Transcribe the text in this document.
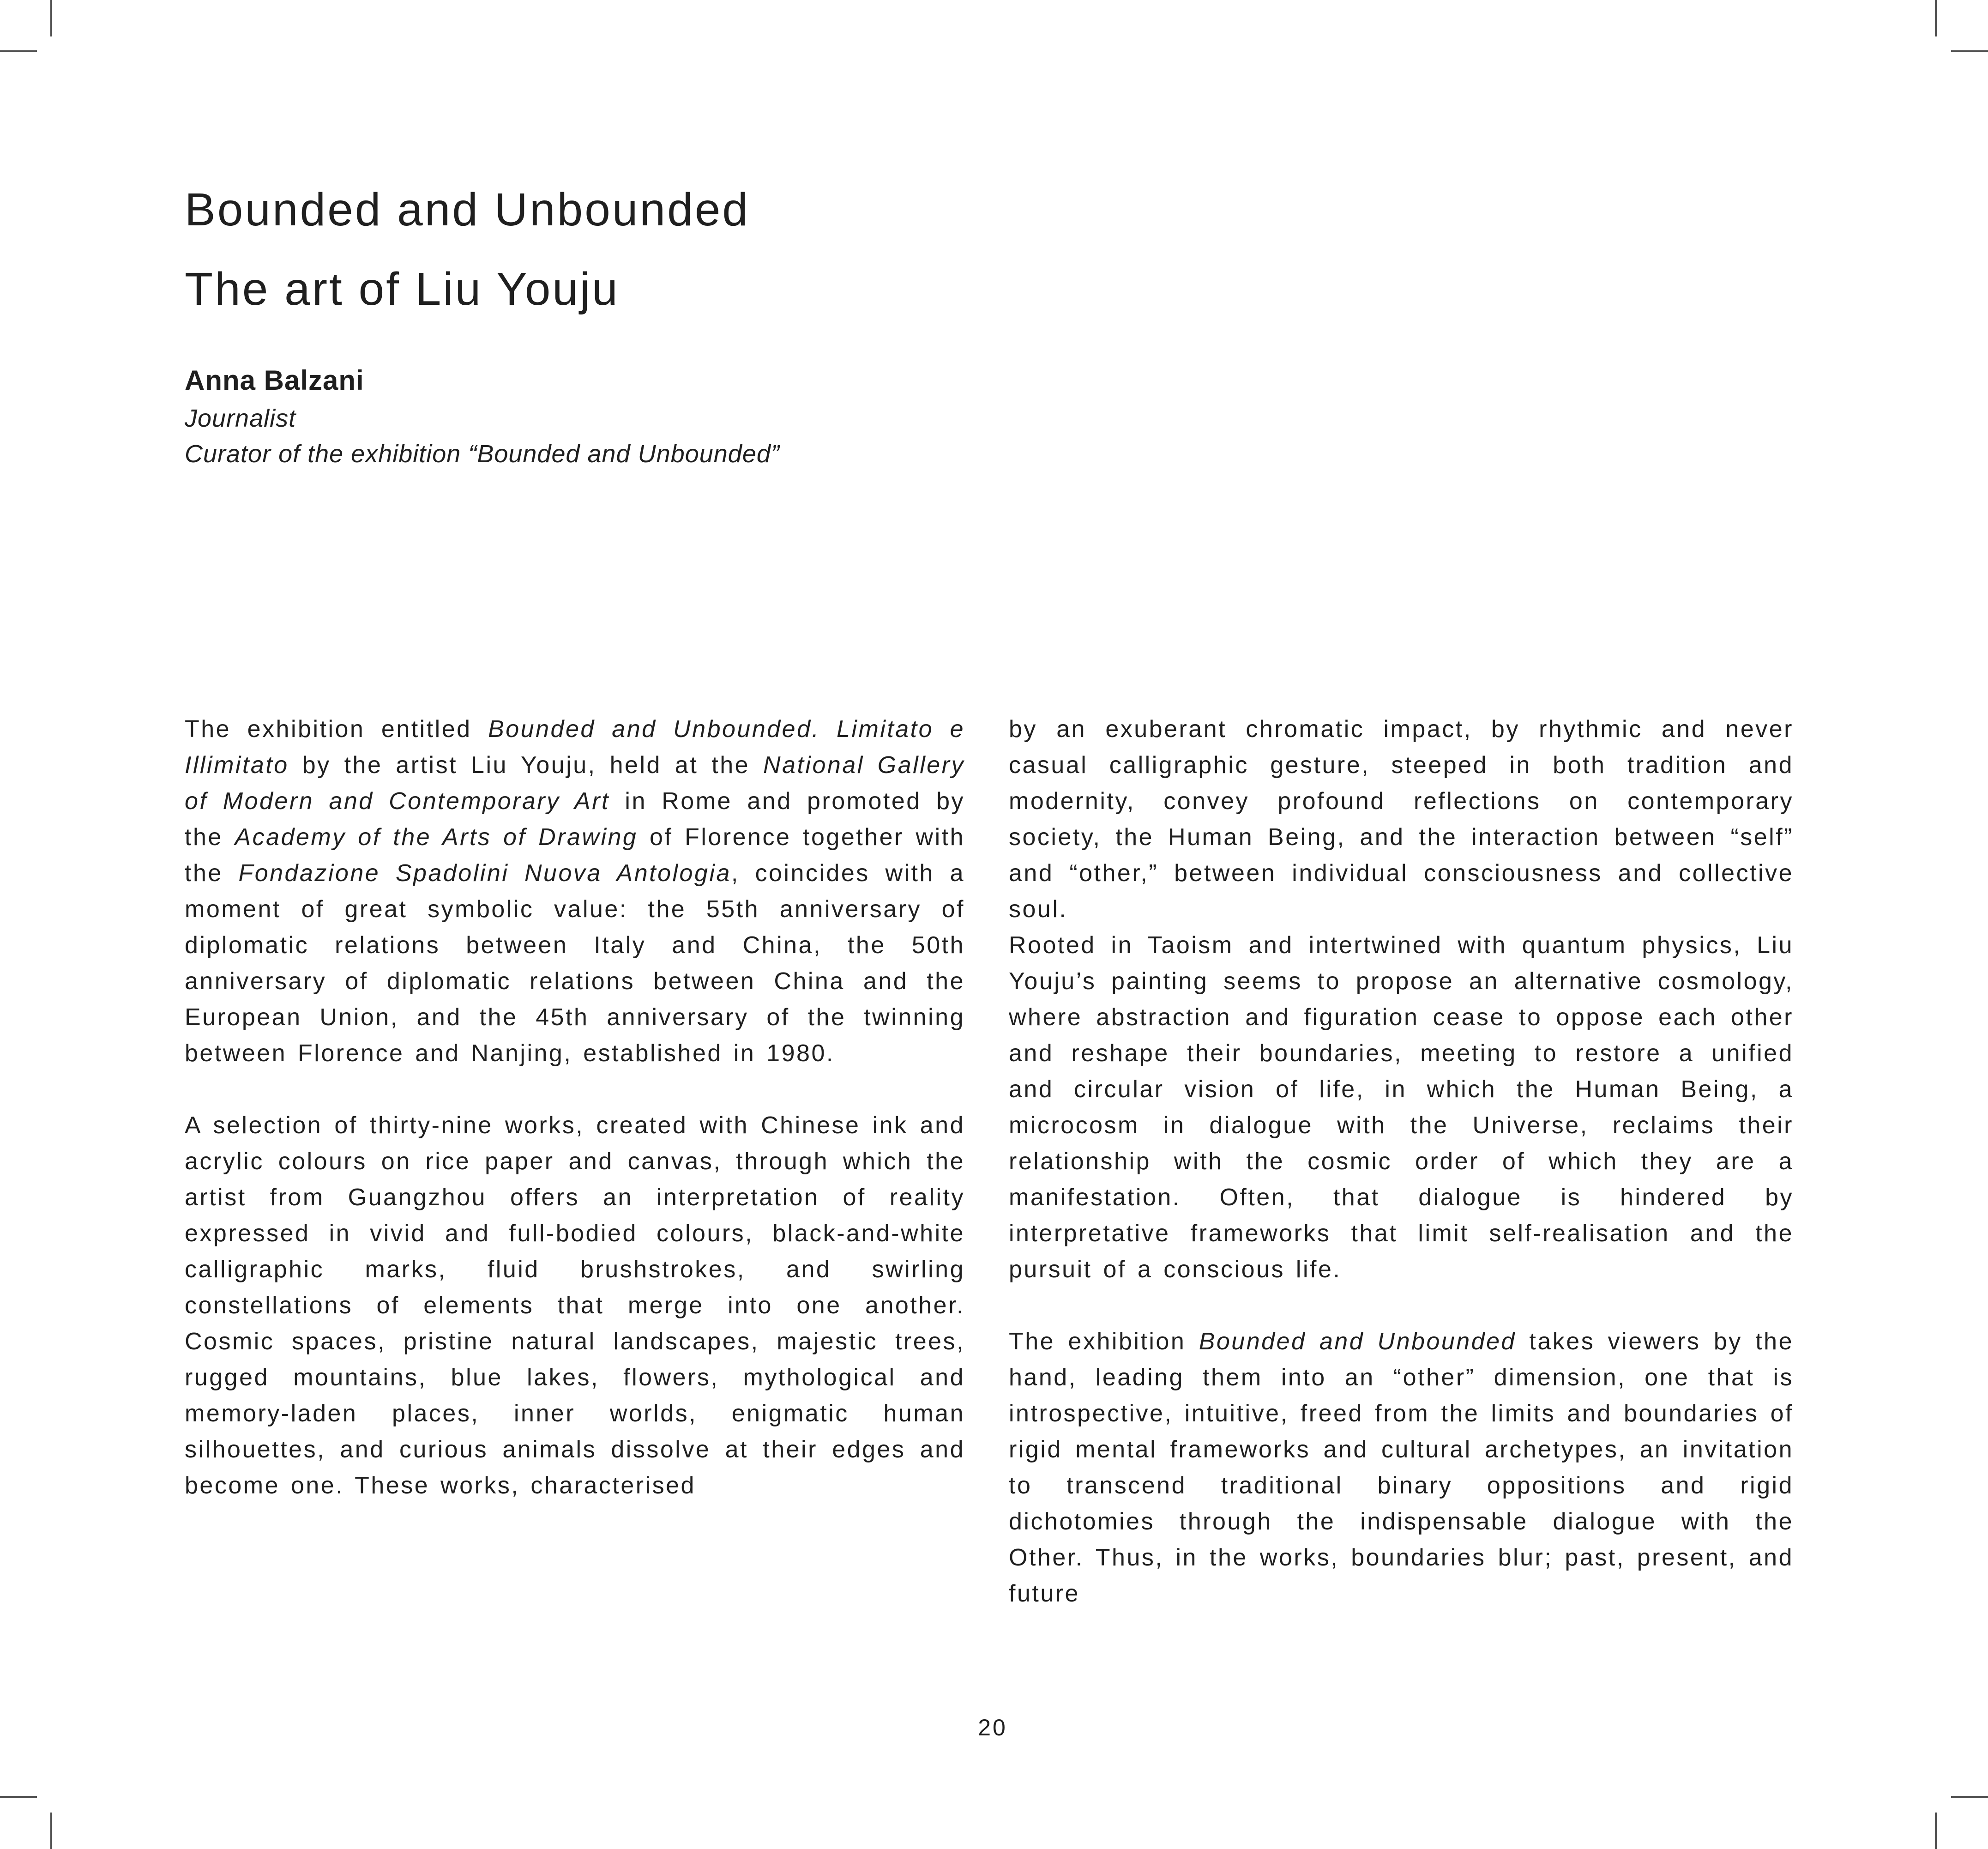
Bounded and Unbounded
The art of Liu Youju
Anna Balzani
Journalist
Curator of the exhibition “Bounded and Unbounded”

The exhibition entitled Bounded and Unbounded. Limitato e Illimitato by the artist Liu Youju, held at the National Gallery of Modern and Contemporary Art in Rome and promoted by the Academy of the Arts of Drawing of Florence together with the Fondazione Spadolini Nuova Antologia, coincides with a moment of great symbolic value: the 55th anniversary of diplomatic relations between Italy and China, the 50th anniversary of diplomatic relations between China and the European Union, and the 45th anniversary of the twinning between Florence and Nanjing, established in 1980.

A selection of thirty-nine works, created with Chinese ink and acrylic colours on rice paper and canvas, through which the artist from Guangzhou offers an interpretation of reality expressed in vivid and full-bodied colours, black-and-white calligraphic marks, fluid brushstrokes, and swirling constellations of elements that merge into one another. Cosmic spaces, pristine natural landscapes, majestic trees, rugged mountains, blue lakes, flowers, mythological and memory-laden places, inner worlds, enigmatic human silhouettes, and curious animals dissolve at their edges and become one. These works, characterised

by an exuberant chromatic impact, by rhythmic and never casual calligraphic gesture, steeped in both tradition and modernity, convey profound reflections on contemporary society, the Human Being, and the interaction between “self” and “other,” between individual consciousness and collective soul.

Rooted in Taoism and intertwined with quantum physics, Liu Youju’s painting seems to propose an alternative cosmology, where abstraction and figuration cease to oppose each other and reshape their boundaries, meeting to restore a unified and circular vision of life, in which the Human Being, a microcosm in dialogue with the Universe, reclaims their relationship with the cosmic order of which they are a manifestation. Often, that dialogue is hindered by interpretative frameworks that limit self-realisation and the pursuit of a conscious life.

The exhibition Bounded and Unbounded takes viewers by the hand, leading them into an “other” dimension, one that is introspective, intuitive, freed from the limits and boundaries of rigid mental frameworks and cultural archetypes, an invitation to transcend traditional binary oppositions and rigid dichotomies through the indispensable dialogue with the Other. Thus, in the works, boundaries blur; past, present, and future

20
